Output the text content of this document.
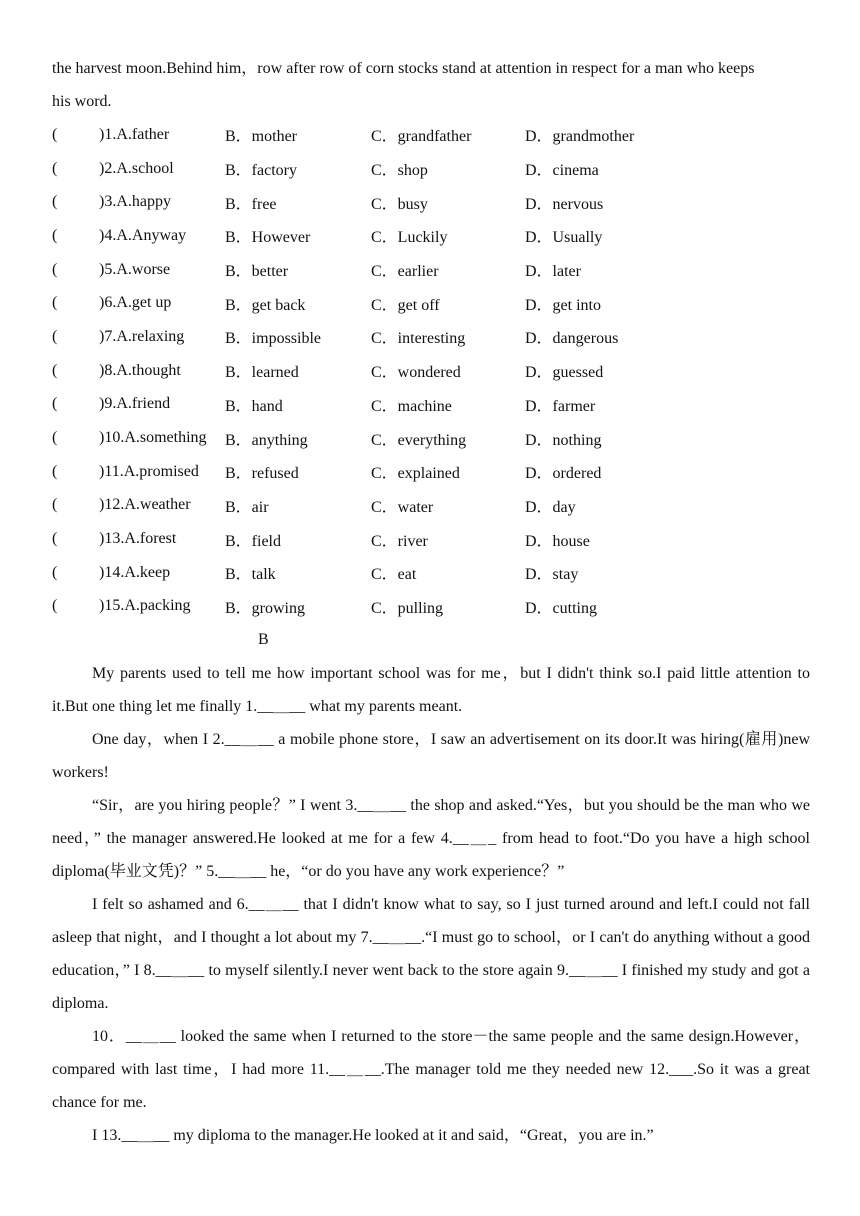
the harvest moon.Behind him，row after row of corn stocks stand at attention in respect for a man who keeps
his word.

(	)1.A.father	B．mother	C．grandfather	D．grandmother
(	)2.A.school	B．factory	C．shop	D．cinema
(	)3.A.happy	B．free	C．busy	D．nervous
(	)4.A.Anyway	B．However	C．Luckily	D．Usually
(	)5.A.worse	B．better	C．earlier	D．later
(	)6.A.get up	B．get back	C．get off	D．get into
(	)7.A.relaxing	B．impossible	C．interesting	D．dangerous
(	)8.A.thought	B．learned	C．wondered	D．guessed
(	)9.A.friend	B．hand	C．machine	D．farmer
(	)10.A.something	B．anything	C．everything	D．nothing
(	)11.A.promised	B．refused	C．explained	D．ordered
(	)12.A.weather	B．air	C．water	D．day
(	)13.A.forest	B．field	C．river	D．house
(	)14.A.keep	B．talk	C．eat	D．stay
(	)15.A.packing	B．growing	C．pulling	D．cutting
B

My parents used to tell me how important school was for me，but I didn't think so.I paid little attention to it.But one thing let me finally 1.__＿__ what my parents meant.

One day，when I 2.__＿__ a mobile phone store，I saw an advertisement on its door.It was hiring(雇用)new workers!

“Sir，are you hiring people？” I went 3.__＿__ the shop and asked.“Yes，but you should be the man who we need，” the manager answered.He looked at me for a few 4.__＿_ from head to foot.“Do you have a high school diploma(毕业文凭)？” 5.__＿__ he，“or do you have any work experience？”

I felt so ashamed and 6.__＿__ that I didn't know what to say, so I just turned around and left.I could not fall asleep that night，and I thought a lot about my 7.__＿__.“I must go to school，or I can't do anything without a good education，” I 8.__＿__ to myself silently.I never went back to the store again 9.__＿__ I finished my study and got a diploma.

10．__＿__ looked the same when I returned to the store－the same people and the same design.However，compared with last time，I had more 11.__＿__.The manager told me they needed new 12.___.So it was a great chance for me.

I 13.__＿__ my diploma to the manager.He looked at it and said，“Great，you are in.”
